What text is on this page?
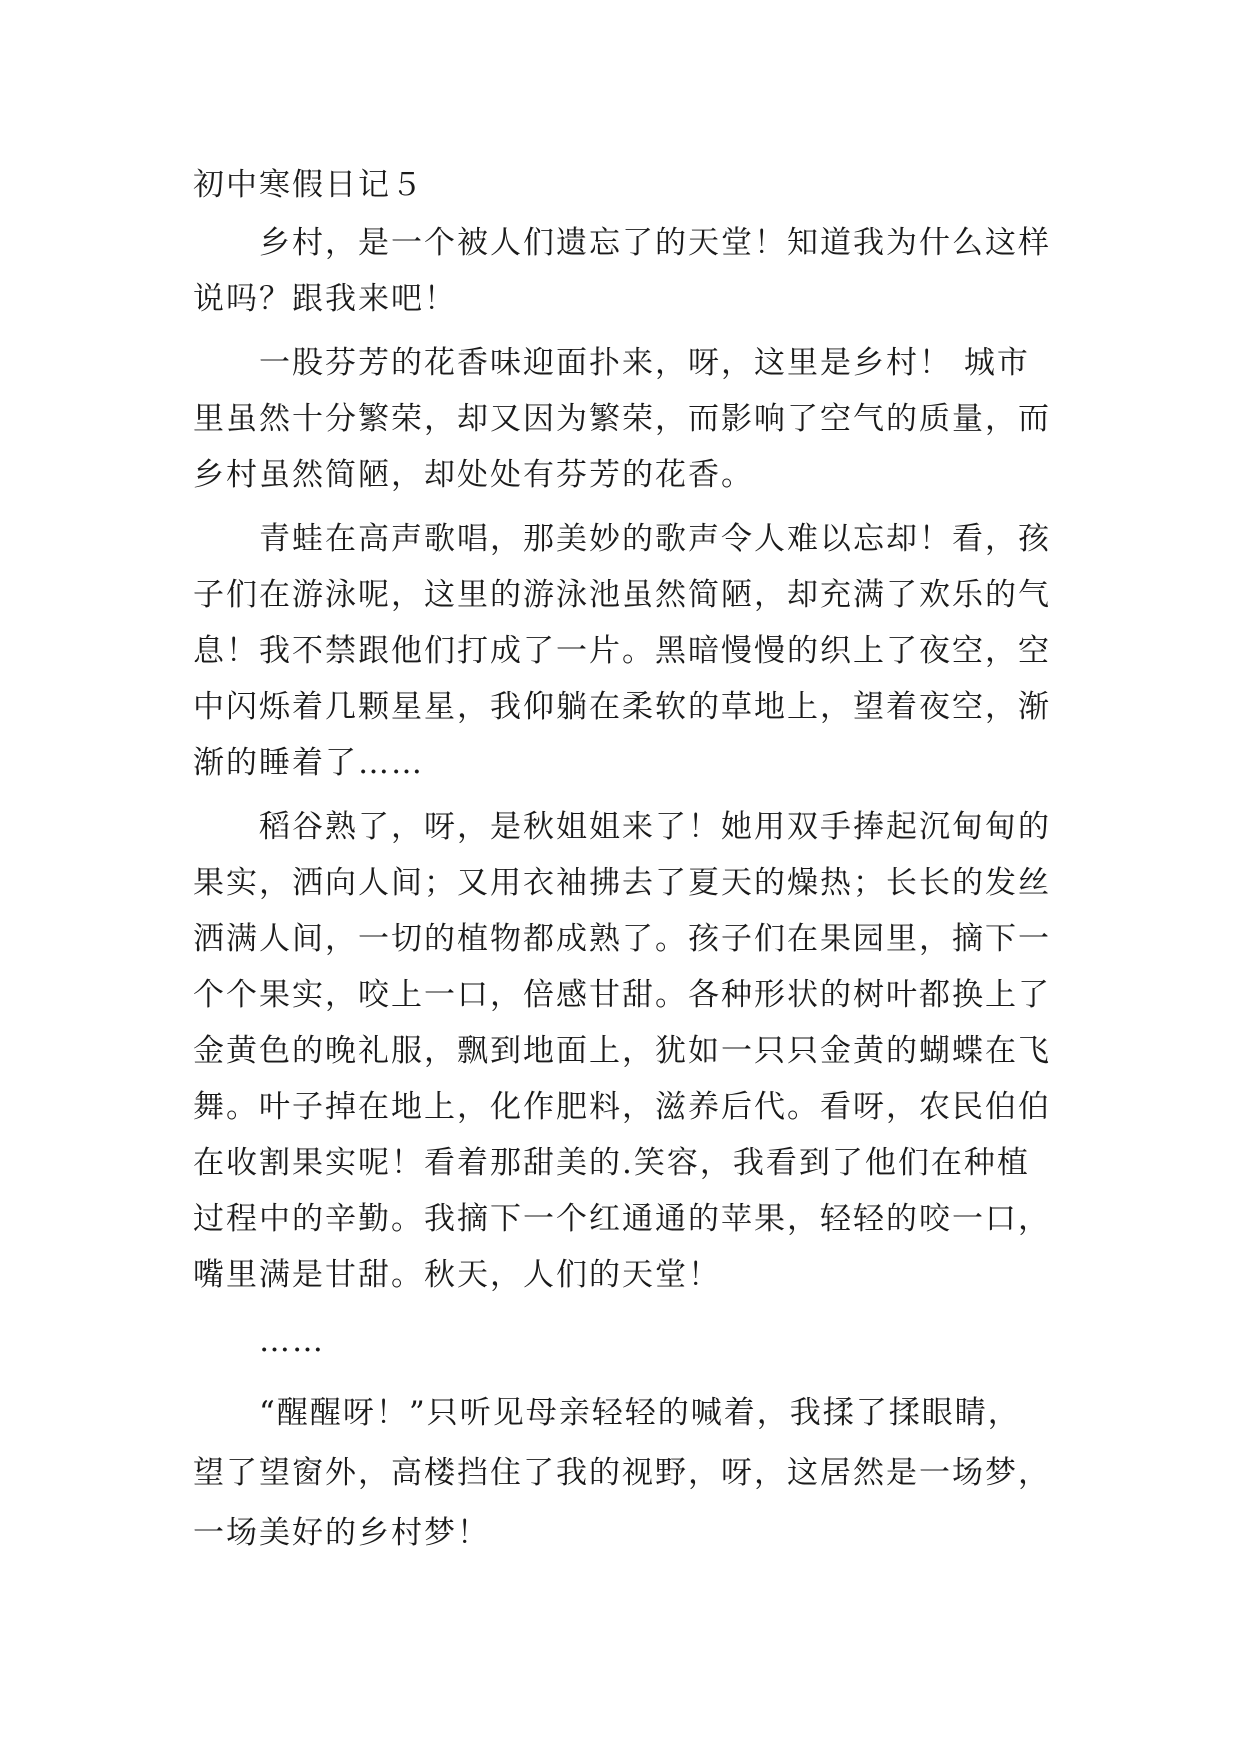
初中寒假日记５

乡村，是一个被人们遗忘了的天堂！知道我为什么这样说吗？跟我来吧！

一股芬芳的花香味迎面扑来，呀，这里是乡村！ 城市里虽然十分繁荣，却又因为繁荣，而影响了空气的质量，而乡村虽然简陋，却处处有芬芳的花香。

青蛙在高声歌唱，那美妙的歌声令人难以忘却！看，孩子们在游泳呢，这里的游泳池虽然简陋，却充满了欢乐的气息！我不禁跟他们打成了一片。黑暗慢慢的织上了夜空，空中闪烁着几颗星星，我仰躺在柔软的草地上，望着夜空，渐渐的睡着了……

稻谷熟了，呀，是秋姐姐来了！她用双手捧起沉甸甸的果实，洒向人间；又用衣袖拂去了夏天的燥热；长长的发丝洒满人间，一切的植物都成熟了。孩子们在果园里，摘下一个个果实，咬上一口，倍感甘甜。各种形状的树叶都换上了金黄色的晚礼服，飘到地面上，犹如一只只金黄的蝴蝶在飞舞。叶子掉在地上，化作肥料，滋养后代。看呀，农民伯伯在收割果实呢！看着那甜美的.笑容，我看到了他们在种植过程中的辛勤。我摘下一个红通通的苹果，轻轻的咬一口，嘴里满是甘甜。秋天，人们的天堂！

……

“醒醒呀！”只听见母亲轻轻的喊着，我揉了揉眼睛，望了望窗外，高楼挡住了我的视野，呀，这居然是一场梦，一场美好的乡村梦！
